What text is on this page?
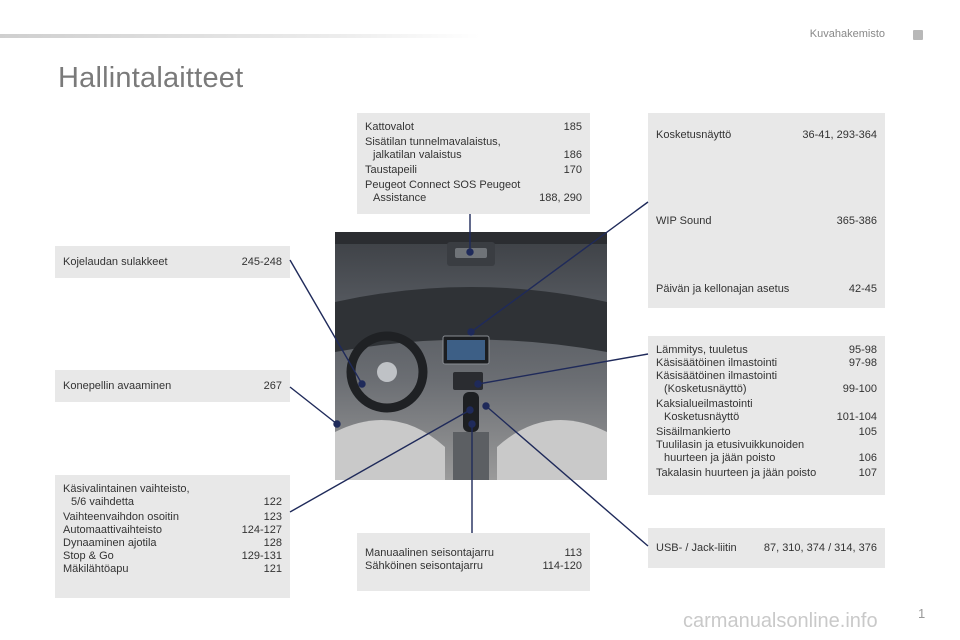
Kuvahakemisto
Hallintalaitteet
Kattovalot	185
Sisätilan tunnelmavalaistus,
jalkatilan valaistus	186
Taustapeili	170
Peugeot Connect SOS Peugeot
Assistance	188, 290
Kojelaudan sulakkeet	245-248
Konepellin avaaminen	267
Käsivalintainen vaihteisto,
5/6 vaihdetta	122
Vaihteenvaihdon osoitin	123
Automaattivaihteisto	124-127
Dynaaminen ajotila	128
Stop & Go	129-131
Mäkilähtöapu	121
Manuaalinen seisontajarru	113
Sähköinen seisontajarru	114-120
Kosketusnäyttö	36-41, 293-364
WIP Sound	365-386
Päivän ja kellonajan asetus	42-45
Lämmitys, tuuletus	95-98
Käsisäätöinen ilmastointi	97-98
Käsisäätöinen ilmastointi
(Kosketusnäyttö)	99-100
Kaksialueilmastointi
Kosketusnäyttö	101-104
Sisäilmankierto	105
Tuulilasin ja etusivuikkunoiden
huurteen ja jään poisto	106
Takalasin huurteen ja jään poisto	107
USB- / Jack-liitin	87, 310, 374 / 314, 376
carmanualsonline.info	1
